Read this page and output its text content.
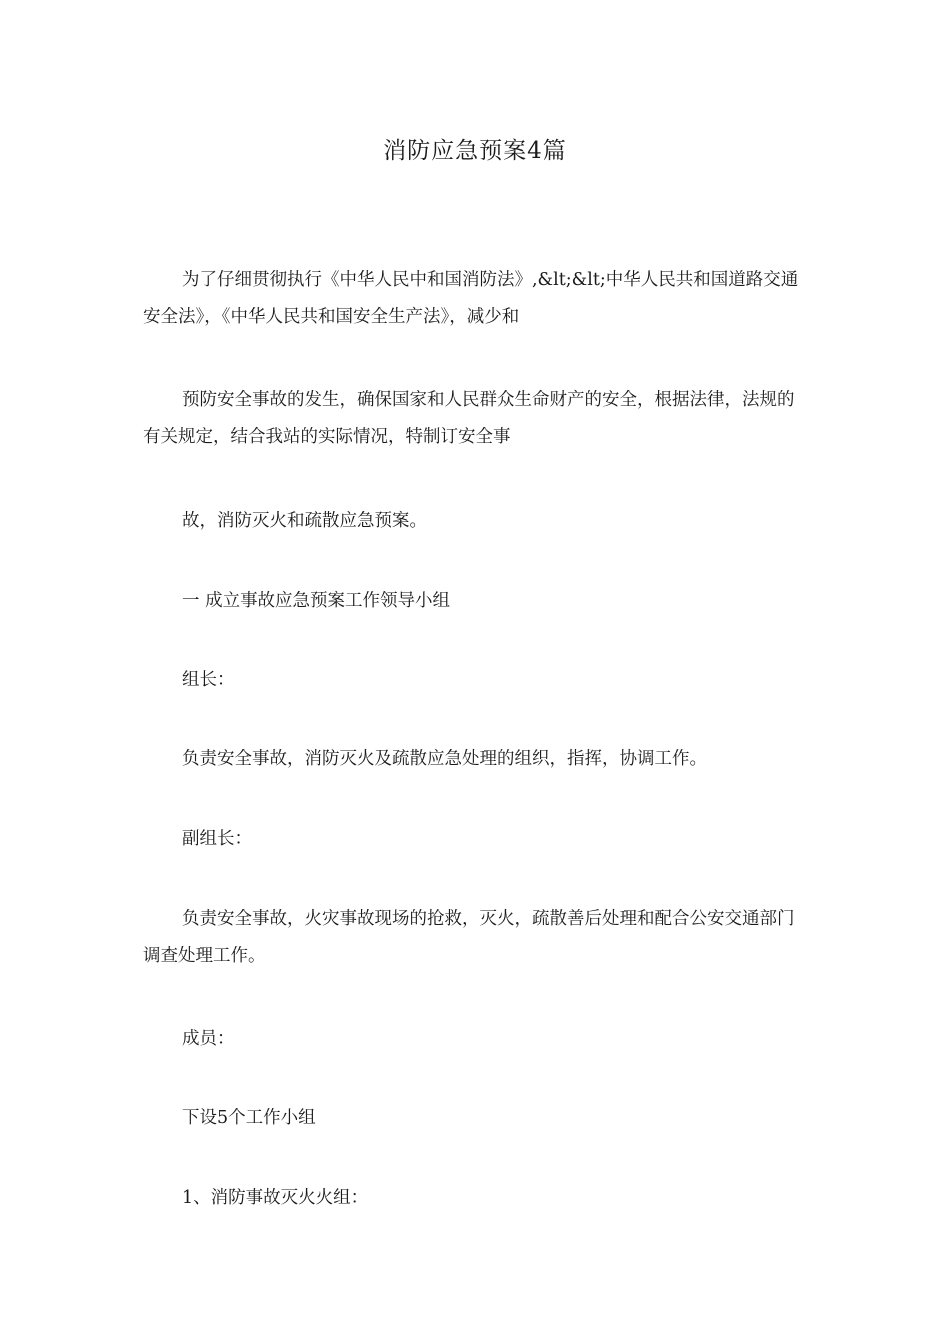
消防应急预案4篇

为了仔细贯彻执行《中华人民中和国消防法》,&lt;&lt;中华人民共和国道路交通安全法》，《中华人民共和国安全生产法》，减少和

预防安全事故的发生，确保国家和人民群众生命财产的安全，根据法律，法规的有关规定，结合我站的实际情况，特制订安全事

故，消防灭火和疏散应急预案。

一 成立事故应急预案工作领导小组

组长：

负责安全事故，消防灭火及疏散应急处理的组织，指挥，协调工作。

副组长：

负责安全事故，火灾事故现场的抢救，灭火，疏散善后处理和配合公安交通部门调查处理工作。

成员：

下设5个工作小组

1、消防事故灭火火组：
